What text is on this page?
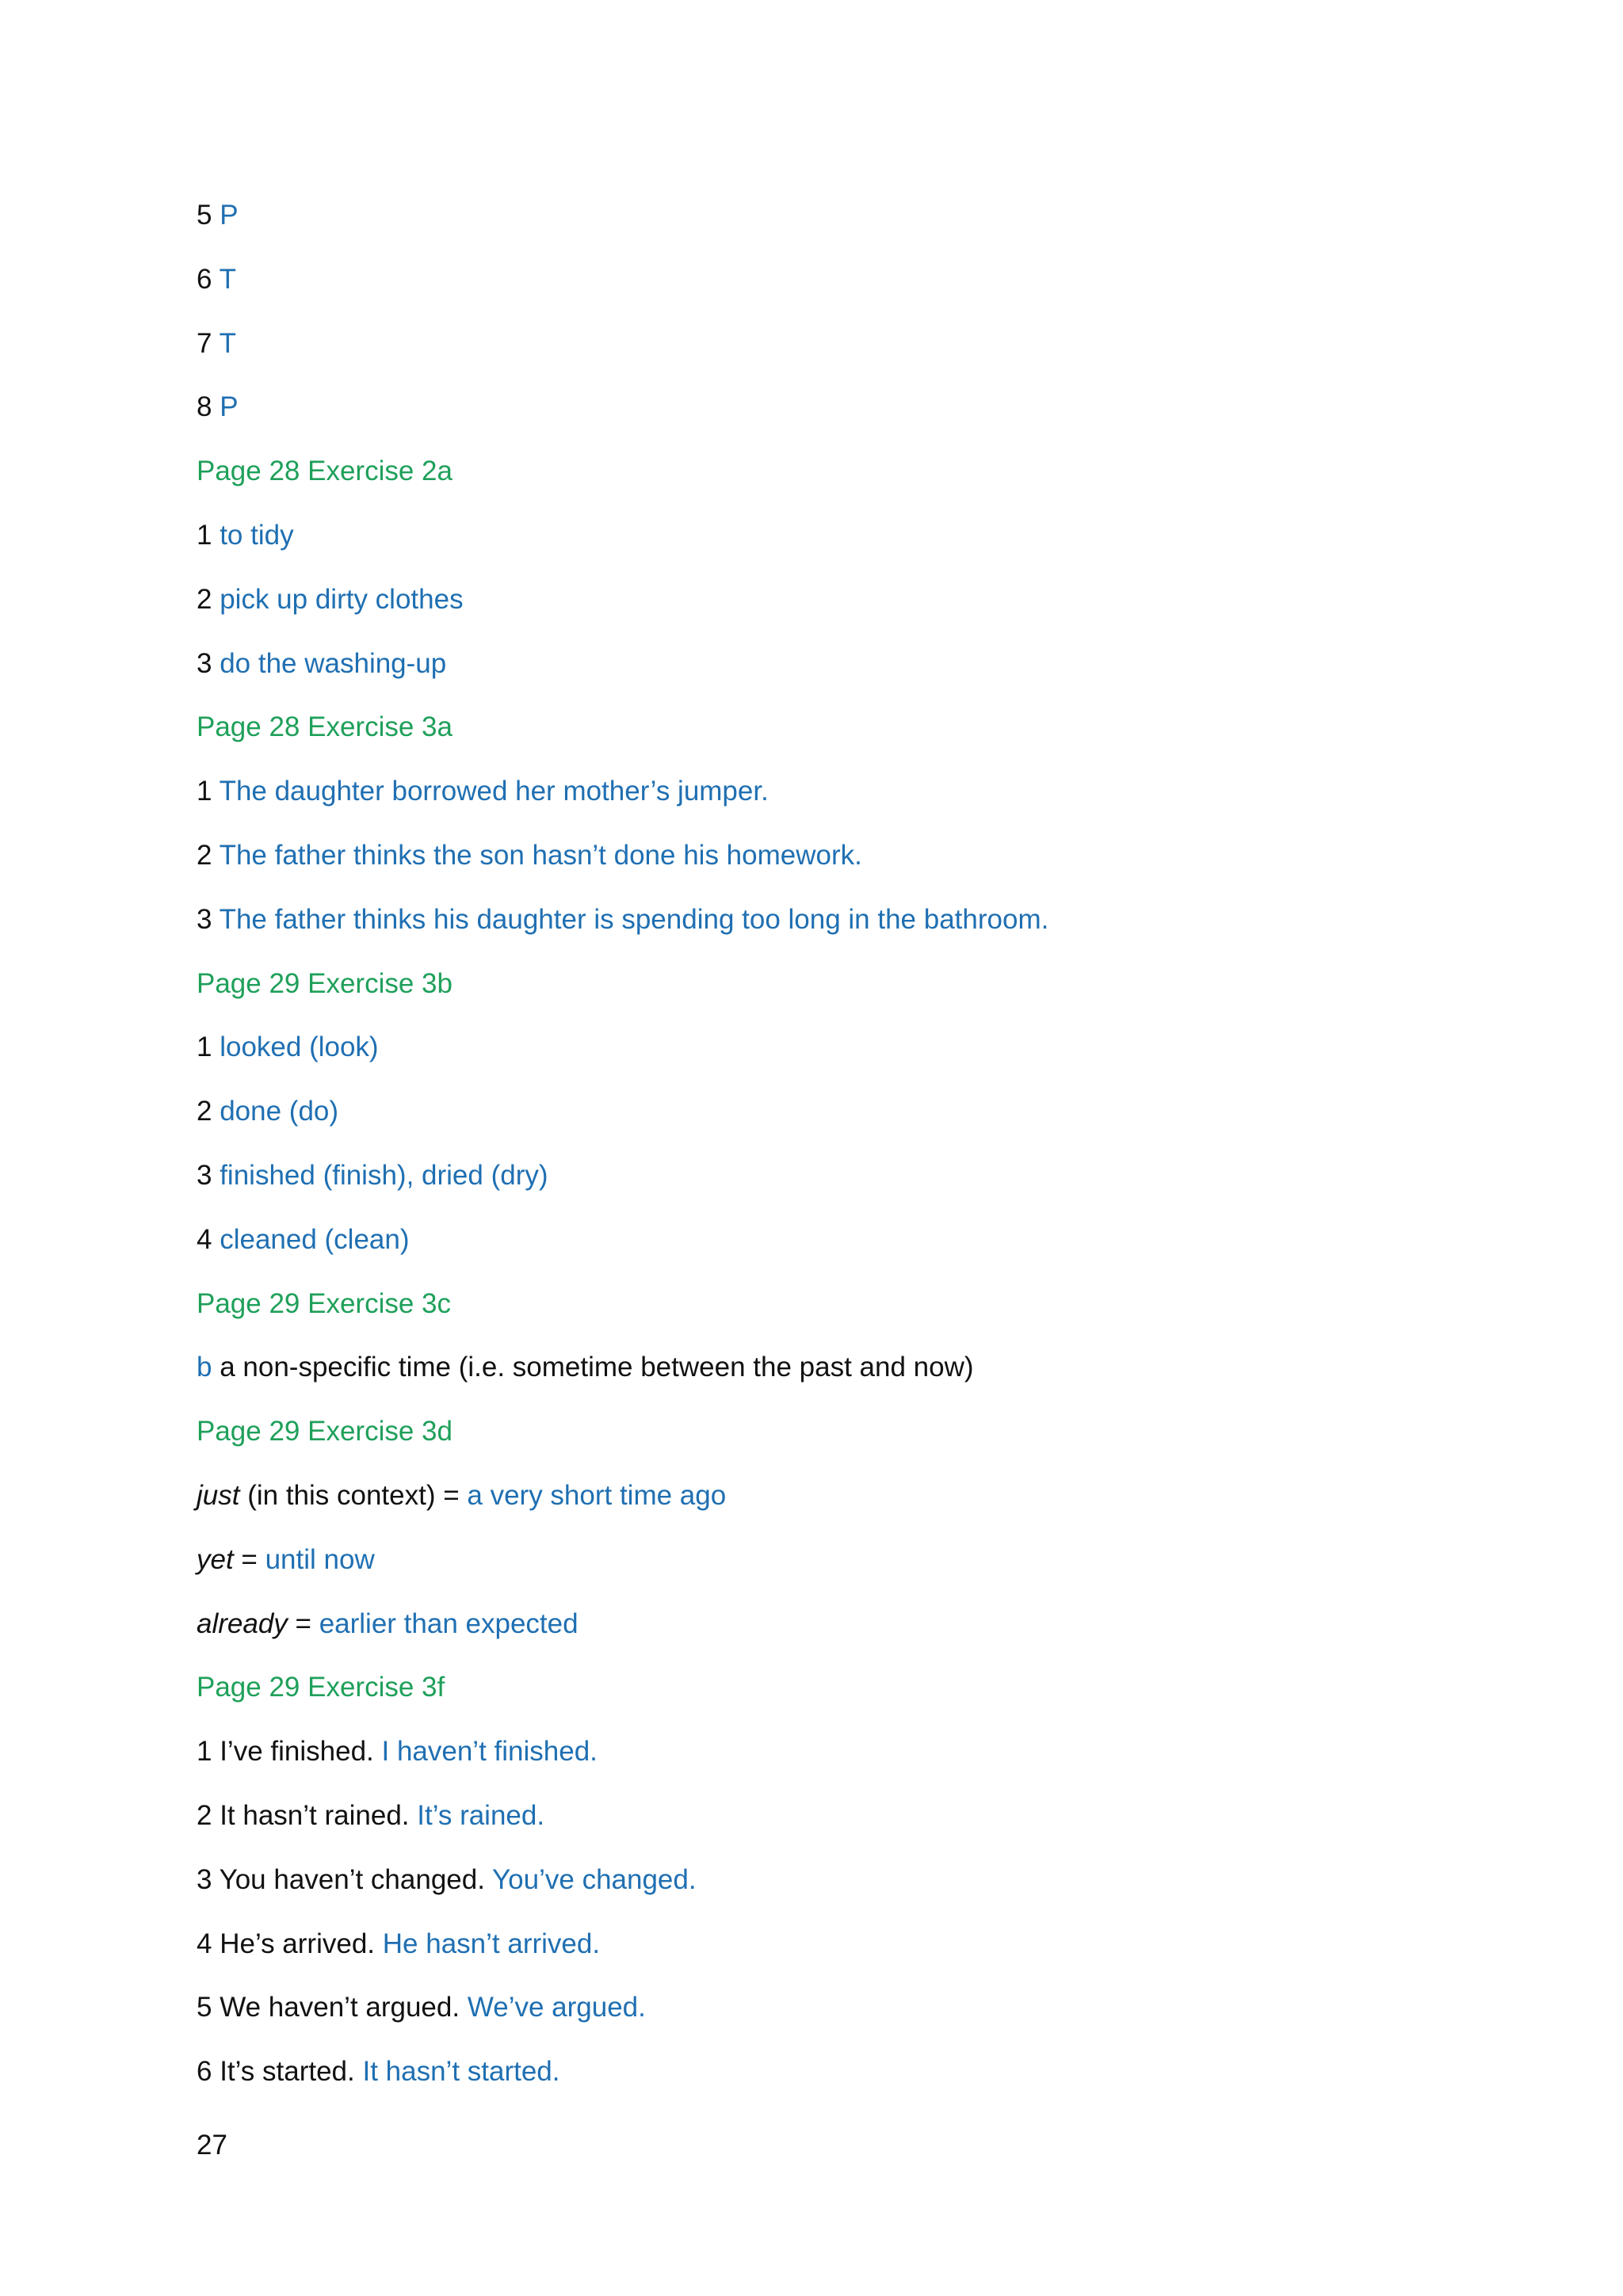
5 P
6 T
7 T
8 P
Page 28 Exercise 2a
1 to tidy
2 pick up dirty clothes
3 do the washing-up
Page 28 Exercise 3a
1 The daughter borrowed her mother’s jumper.
2 The father thinks the son hasn’t done his homework.
3 The father thinks his daughter is spending too long in the bathroom.
Page 29 Exercise 3b
1 looked (look)
2 done (do)
3 finished (finish), dried (dry)
4 cleaned (clean)
Page 29 Exercise 3c
b a non-specific time (i.e. sometime between the past and now)
Page 29 Exercise 3d
just (in this context) = a very short time ago
yet = until now
already = earlier than expected
Page 29 Exercise 3f
1 I’ve finished. I haven’t finished.
2 It hasn’t rained. It’s rained.
3 You haven’t changed. You’ve changed.
4 He’s arrived. He hasn’t arrived.
5 We haven’t argued. We’ve argued.
6 It’s started. It hasn’t started.
27
